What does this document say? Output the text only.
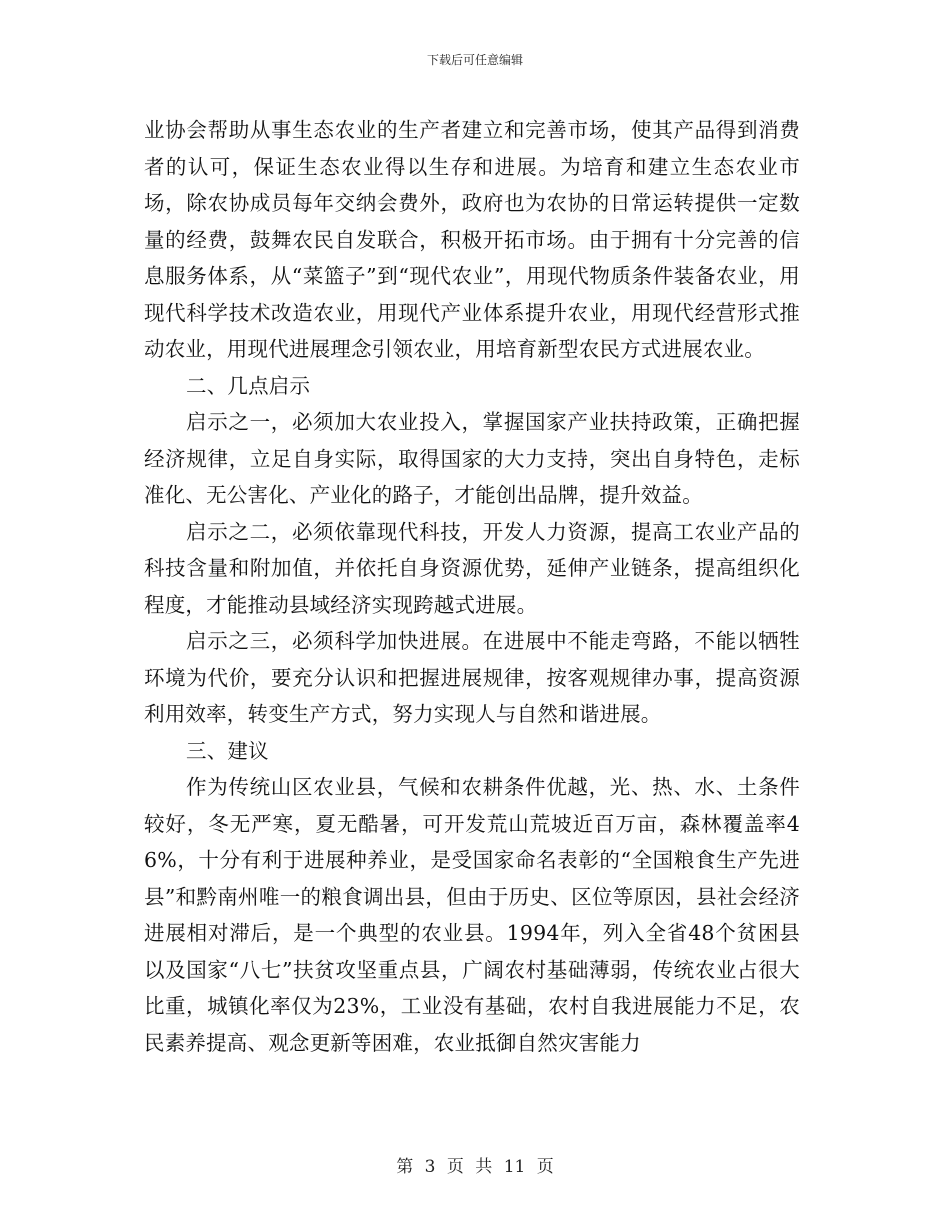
下载后可任意编辑

业协会帮助从事生态农业的生产者建立和完善市场，使其产品得到消费者的认可，保证生态农业得以生存和进展。为培育和建立生态农业市场，除农协成员每年交纳会费外，政府也为农协的日常运转提供一定数量的经费，鼓舞农民自发联合，积极开拓市场。由于拥有十分完善的信息服务体系，从“菜篮子”到“现代农业”，用现代物质条件装备农业，用现代科学技术改造农业，用现代产业体系提升农业，用现代经营形式推动农业，用现代进展理念引领农业，用培育新型农民方式进展农业。

二、几点启示

启示之一，必须加大农业投入，掌握国家产业扶持政策，正确把握经济规律，立足自身实际，取得国家的大力支持，突出自身特色，走标准化、无公害化、产业化的路子，才能创出品牌，提升效益。

启示之二，必须依靠现代科技，开发人力资源，提高工农业产品的科技含量和附加值，并依托自身资源优势，延伸产业链条，提高组织化程度，才能推动县域经济实现跨越式进展。

启示之三，必须科学加快进展。在进展中不能走弯路，不能以牺牲环境为代价，要充分认识和把握进展规律，按客观规律办事，提高资源利用效率，转变生产方式，努力实现人与自然和谐进展。

三、建议

作为传统山区农业县，气候和农耕条件优越，光、热、水、土条件较好，冬无严寒，夏无酷暑，可开发荒山荒坡近百万亩，森林覆盖率46%，十分有利于进展种养业，是受国家命名表彰的“全国粮食生产先进县”和黔南州唯一的粮食调出县，但由于历史、区位等原因，县社会经济进展相对滞后，是一个典型的农业县。1994年，列入全省48个贫困县以及国家“八七”扶贫攻坚重点县，广阔农村基础薄弱，传统农业占很大比重，城镇化率仅为23%，工业没有基础，农村自我进展能力不足，农民素养提高、观念更新等困难，农业抵御自然灾害能力

第 3 页 共 11 页
